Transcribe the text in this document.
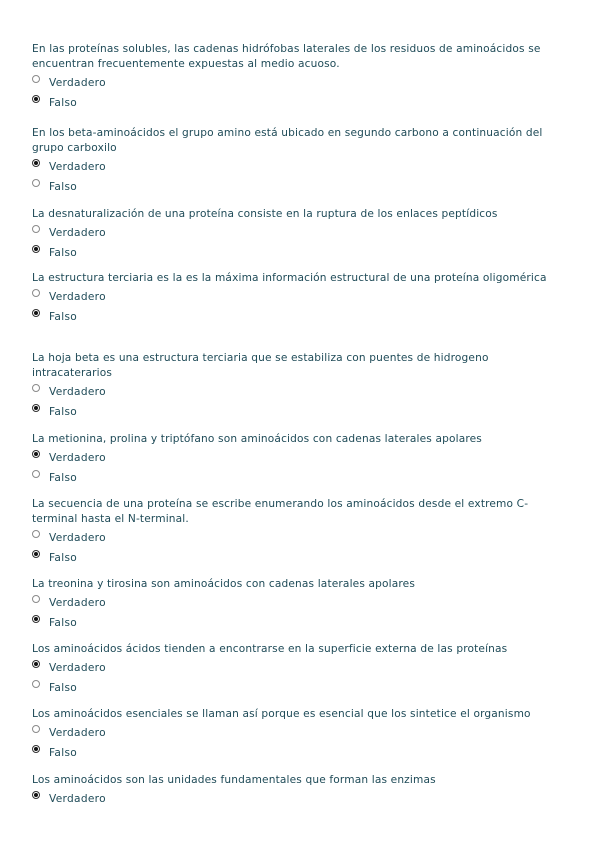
En las proteínas solubles, las cadenas hidrófobas laterales de los residuos de aminoácidos se encuentran frecuentemente expuestas al medio acuoso.

Verdadero
Falso

En los beta-aminoácidos el grupo amino está ubicado en segundo carbono a continuación del grupo carboxilo

Verdadero
Falso

La desnaturalización de una proteína consiste en la ruptura de los enlaces peptídicos

Verdadero
Falso

La estructura terciaria es la es la máxima información estructural de una proteína oligomérica

Verdadero
Falso

La hoja beta es una estructura terciaria que se estabiliza con puentes de hidrogeno intracaterarios

Verdadero
Falso

La metionina, prolina y triptófano son aminoácidos con cadenas laterales apolares

Verdadero
Falso

La secuencia de una proteína se escribe enumerando los aminoácidos desde el extremo C-terminal hasta el N-terminal.

Verdadero
Falso

La treonina y tirosina son aminoácidos con cadenas laterales apolares

Verdadero
Falso

Los aminoácidos ácidos tienden a encontrarse en la superficie externa de las proteínas

Verdadero
Falso

Los aminoácidos esenciales se llaman así porque es esencial que los sintetice el organismo

Verdadero
Falso

Los aminoácidos son las unidades fundamentales que forman las enzimas

Verdadero
